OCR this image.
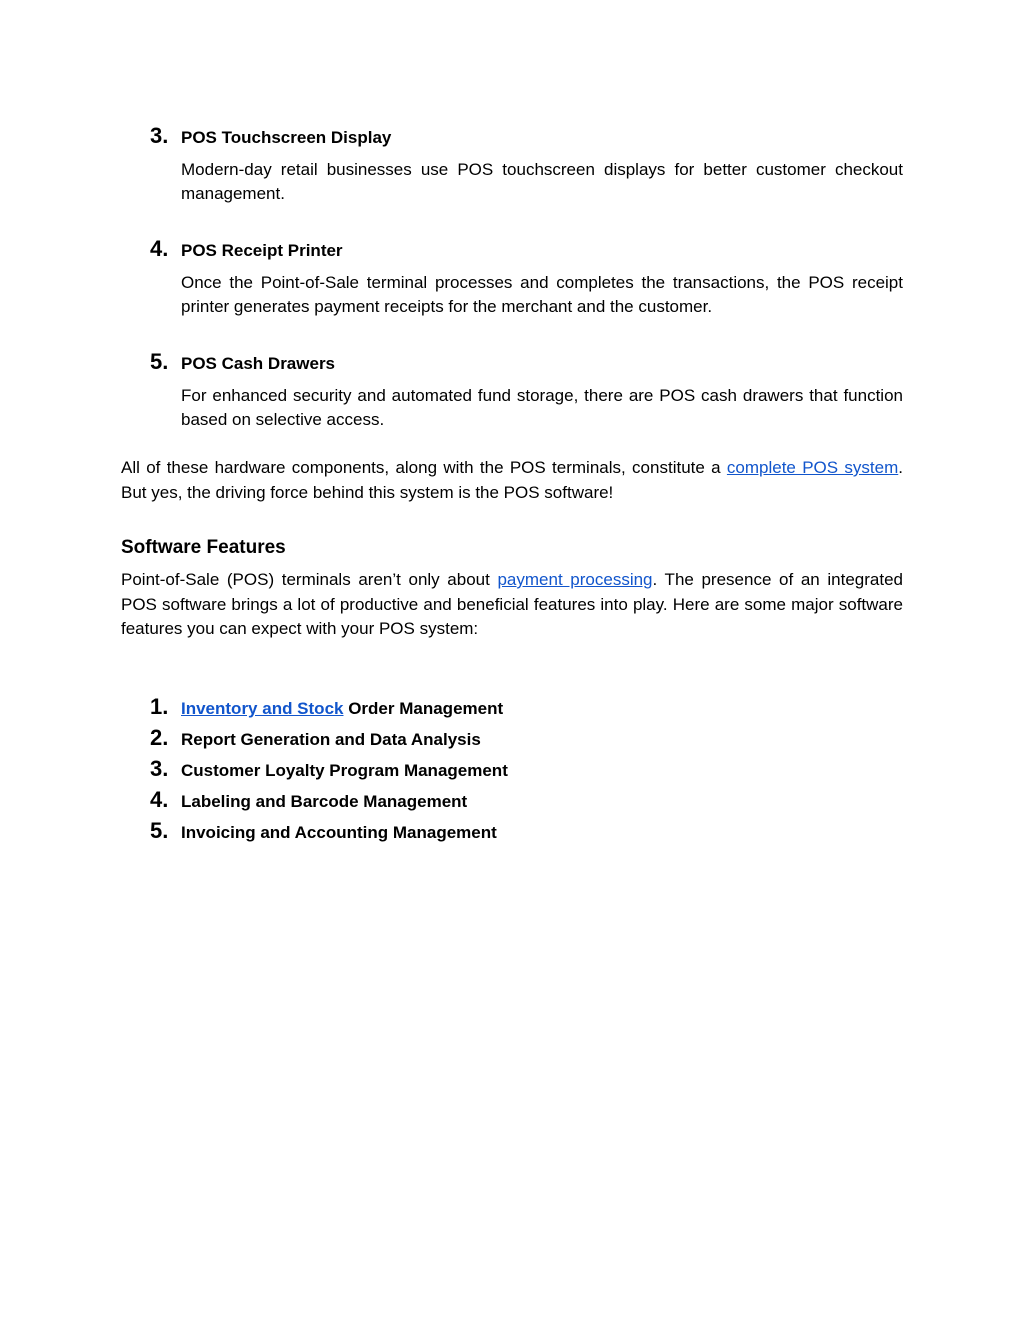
3. POS Touchscreen Display
Modern-day retail businesses use POS touchscreen displays for better customer checkout management.
4. POS Receipt Printer
Once the Point-of-Sale terminal processes and completes the transactions, the POS receipt printer generates payment receipts for the merchant and the customer.
5. POS Cash Drawers
For enhanced security and automated fund storage, there are POS cash drawers that function based on selective access.

All of these hardware components, along with the POS terminals, constitute a complete POS system. But yes, the driving force behind this system is the POS software!

Software Features

Point-of-Sale (POS) terminals aren’t only about payment processing. The presence of an integrated POS software brings a lot of productive and beneficial features into play. Here are some major software features you can expect with your POS system:

1. Inventory and Stock Order Management
2. Report Generation and Data Analysis
3. Customer Loyalty Program Management
4. Labeling and Barcode Management
5. Invoicing and Accounting Management
